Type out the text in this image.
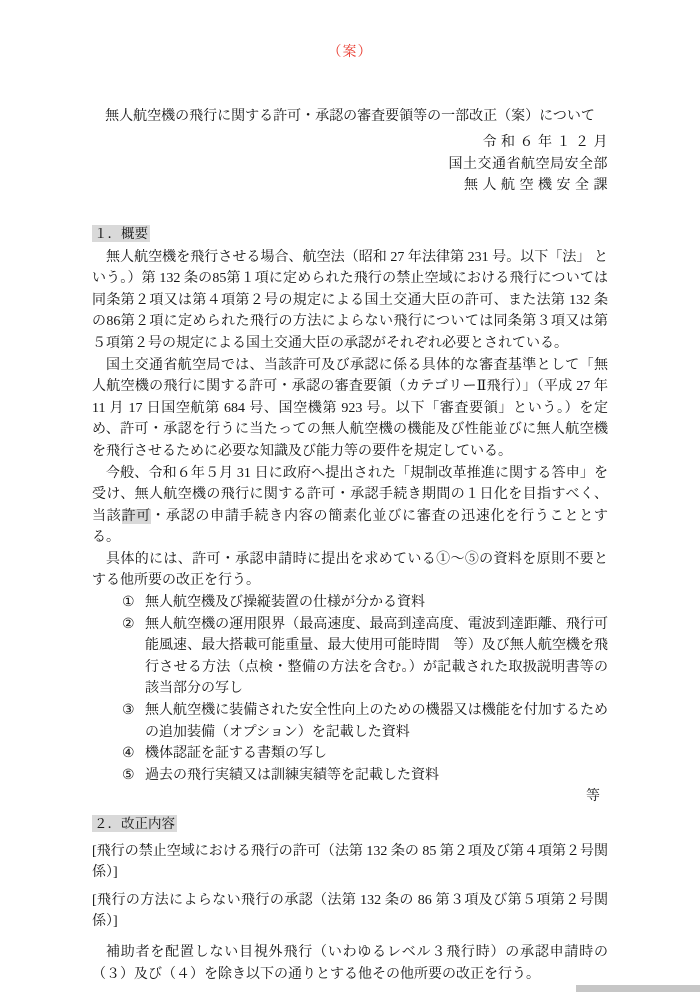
（案）
無人航空機の飛行に関する許可・承認の審査要領等の一部改正（案）について
令 和 ６ 年 １ ２ 月
国土交通省航空局安全部
無 人 航 空 機 安 全 課
１．概要

無人航空機を飛行させる場合、航空法（昭和 27 年法律第 231 号。以下「法」 という。）第 132 条の85第１項に定められた飛行の禁止空域における飛行については同条第２項又は第４項第２号の規定による国土交通大臣の許可、また法第 132 条の86第２項に定められた飛行の方法によらない飛行については同条第３項又は第５項第２号の規定による国土交通大臣の承認がそれぞれ必要とされている。

国土交通省航空局では、当該許可及び承認に係る具体的な審査基準として「無人航空機の飛行に関する許可・承認の審査要領（カテゴリーⅡ飛行）」（平成 27 年 11 月 17 日国空航第 684 号、国空機第 923 号。以下「審査要領」という。）を定め、許可・承認を行うに当たっての無人航空機の機能及び性能並びに無人航空機を飛行させるために必要な知識及び能力等の要件を規定している。

今般、令和６年５月 31 日に政府へ提出された「規制改革推進に関する答申」を受け、無人航空機の飛行に関する許可・承認手続き期間の１日化を目指すべく、当該許可・承認の申請手続き内容の簡素化並びに審査の迅速化を行うこととする。

具体的には、許可・承認申請時に提出を求めている①～⑤の資料を原則不要とする他所要の改正を行う。

① 無人航空機及び操縦装置の仕様が分かる資料
② 無人航空機の運用限界（最高速度、最高到達高度、電波到達距離、飛行可能風速、最大搭載可能重量、最大使用可能時間　等）及び無人航空機を飛行させる方法（点検・整備の方法を含む。）が記載された取扱説明書等の該当部分の写し
③ 無人航空機に装備された安全性向上のための機器又は機能を付加するための追加装備（オプション）を記載した資料
④ 機体認証を証する書類の写し
⑤ 過去の飛行実績又は訓練実績等を記載した資料
等
２．改正内容

[飛行の禁止空域における飛行の許可（法第 132 条の 85 第２項及び第４項第２号関係）]

[飛行の方法によらない飛行の承認（法第 132 条の 86 第３項及び第５項第２号関係）]

補助者を配置しない目視外飛行（いわゆるレベル３飛行時）の承認申請時の（３）及び（４）を除き以下の通りとする他その他所要の改正を行う。
